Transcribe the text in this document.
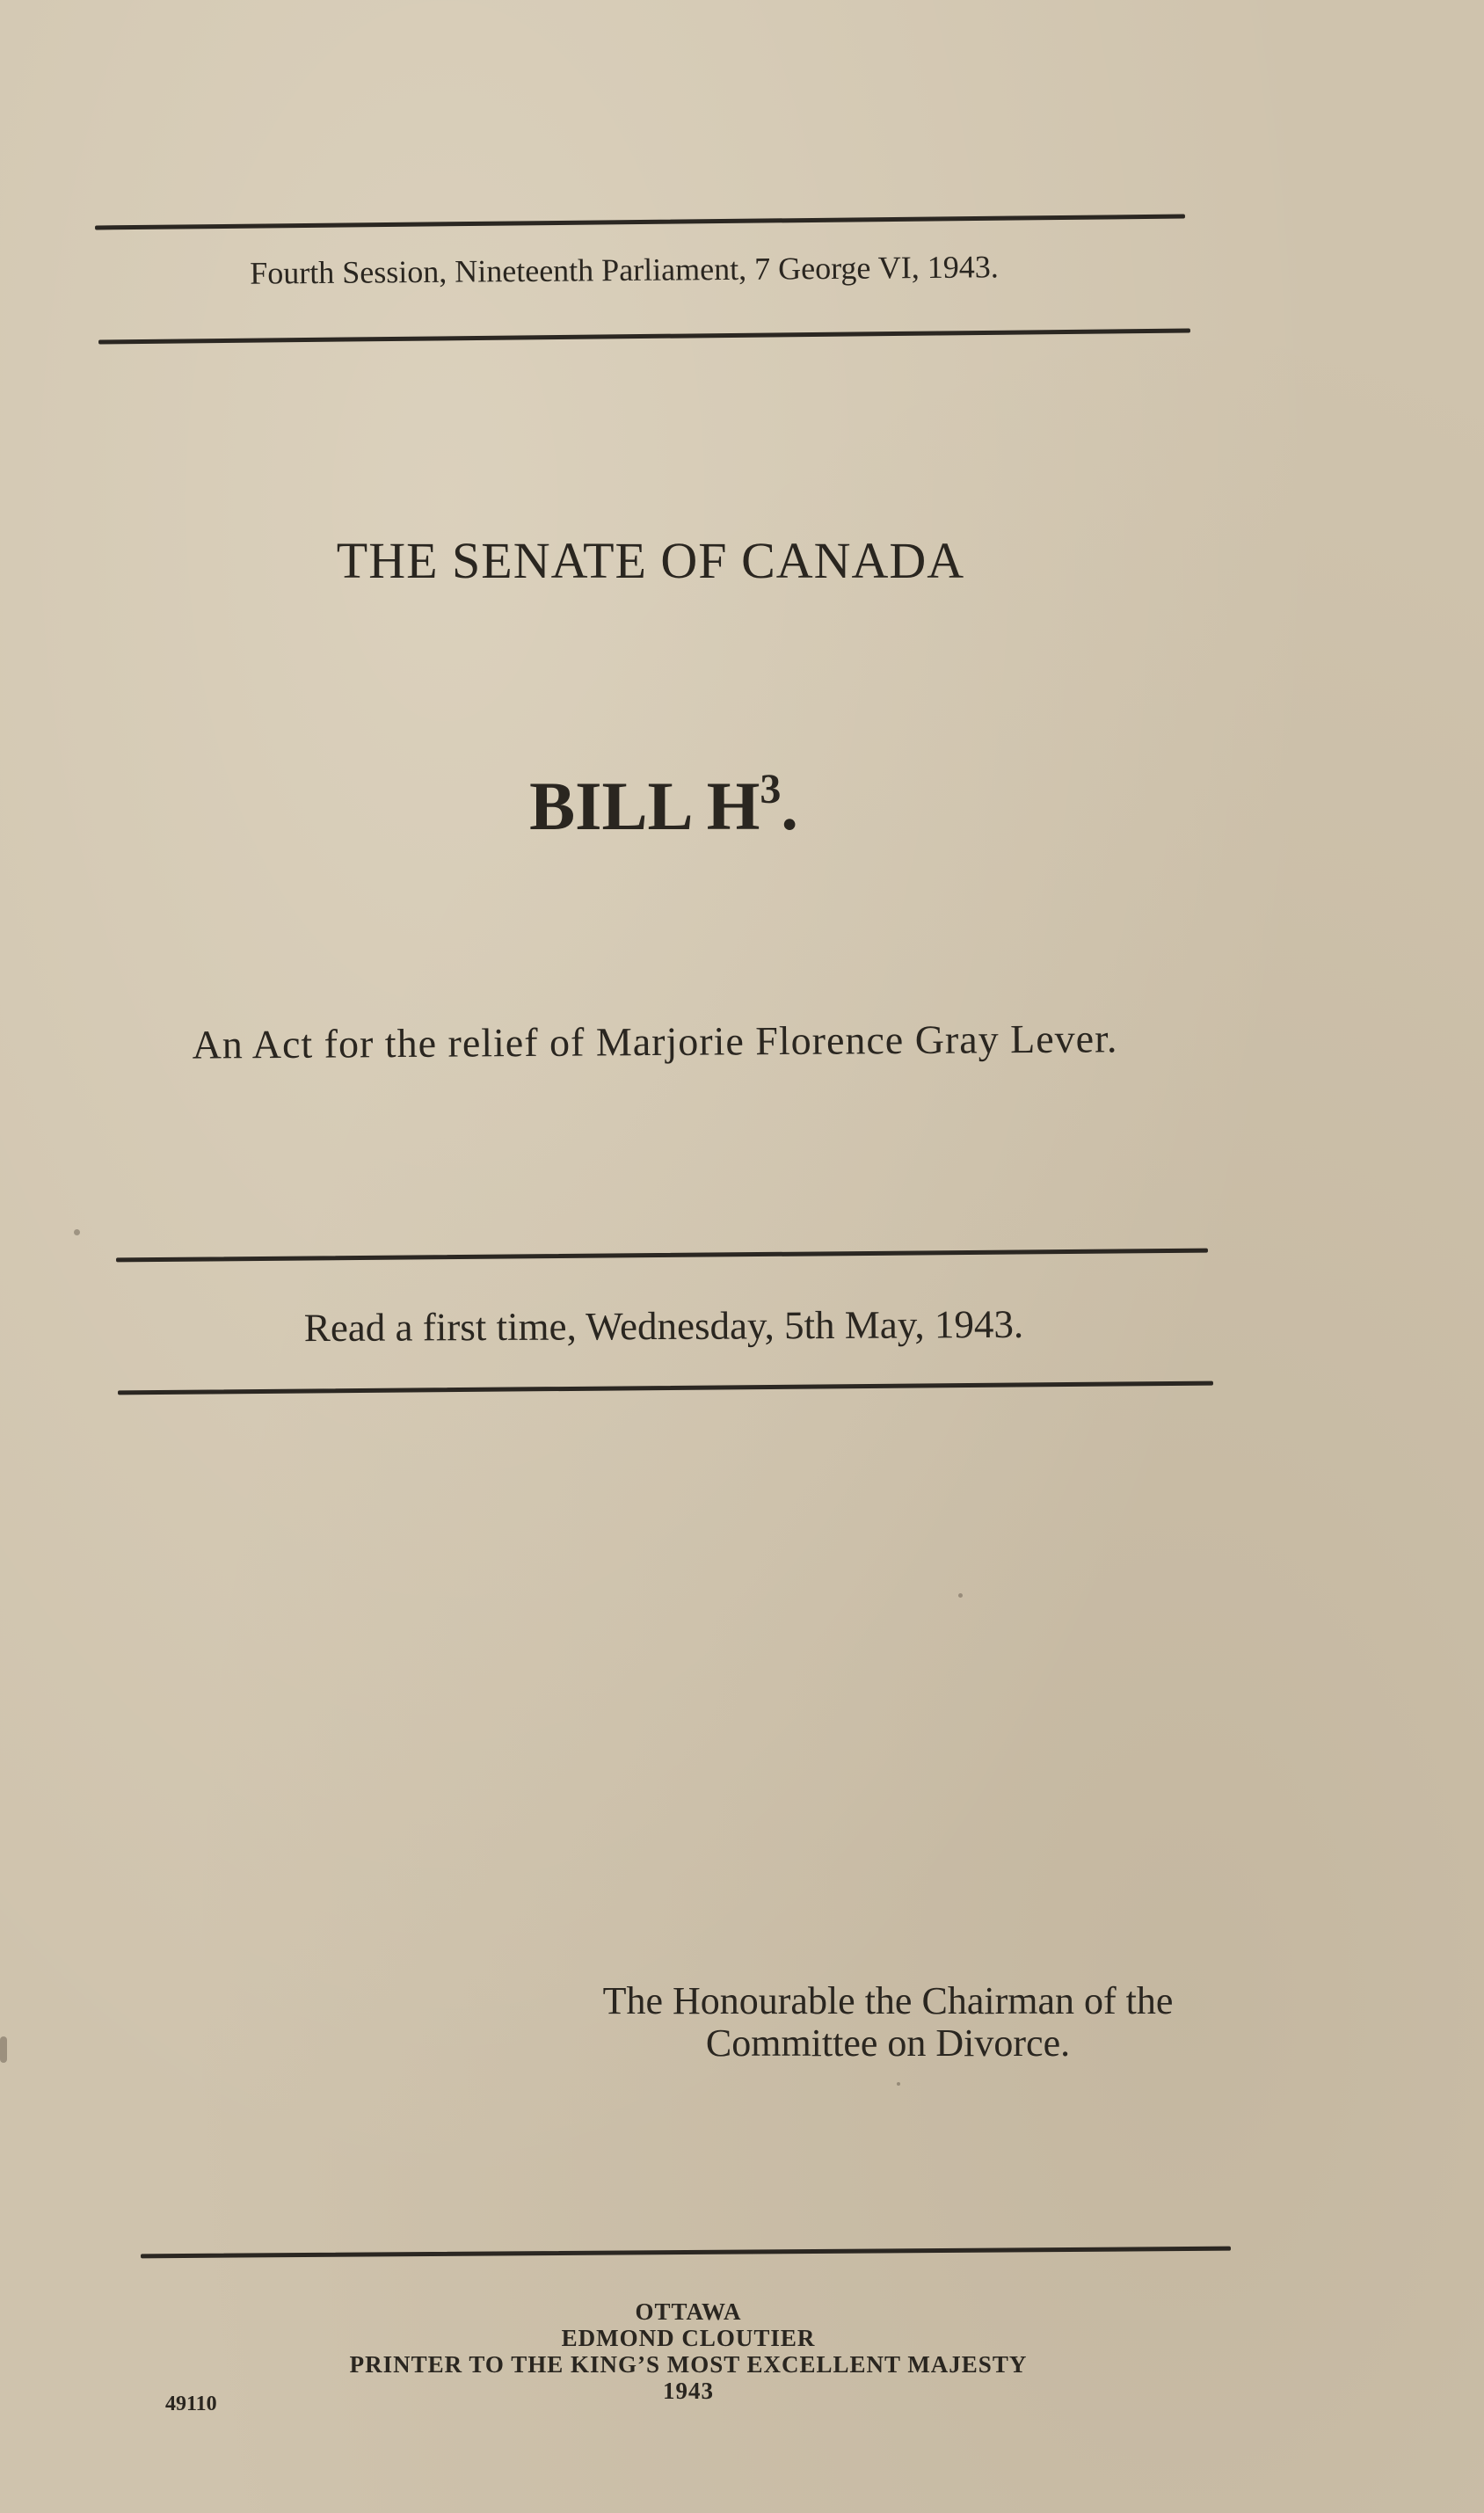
Fourth Session, Nineteenth Parliament, 7 George VI, 1943.
THE SENATE OF CANADA
BILL $H^3$.
An Act for the relief of Marjorie Florence Gray Lever.
Read a first time, Wednesday, 5th May, 1943.
The Honourable the Chairman of the
Committee on Divorce.
OTTAWA
EDMOND CLOUTIER
PRINTER TO THE KING’S MOST EXCELLENT MAJESTY
1943
49110
